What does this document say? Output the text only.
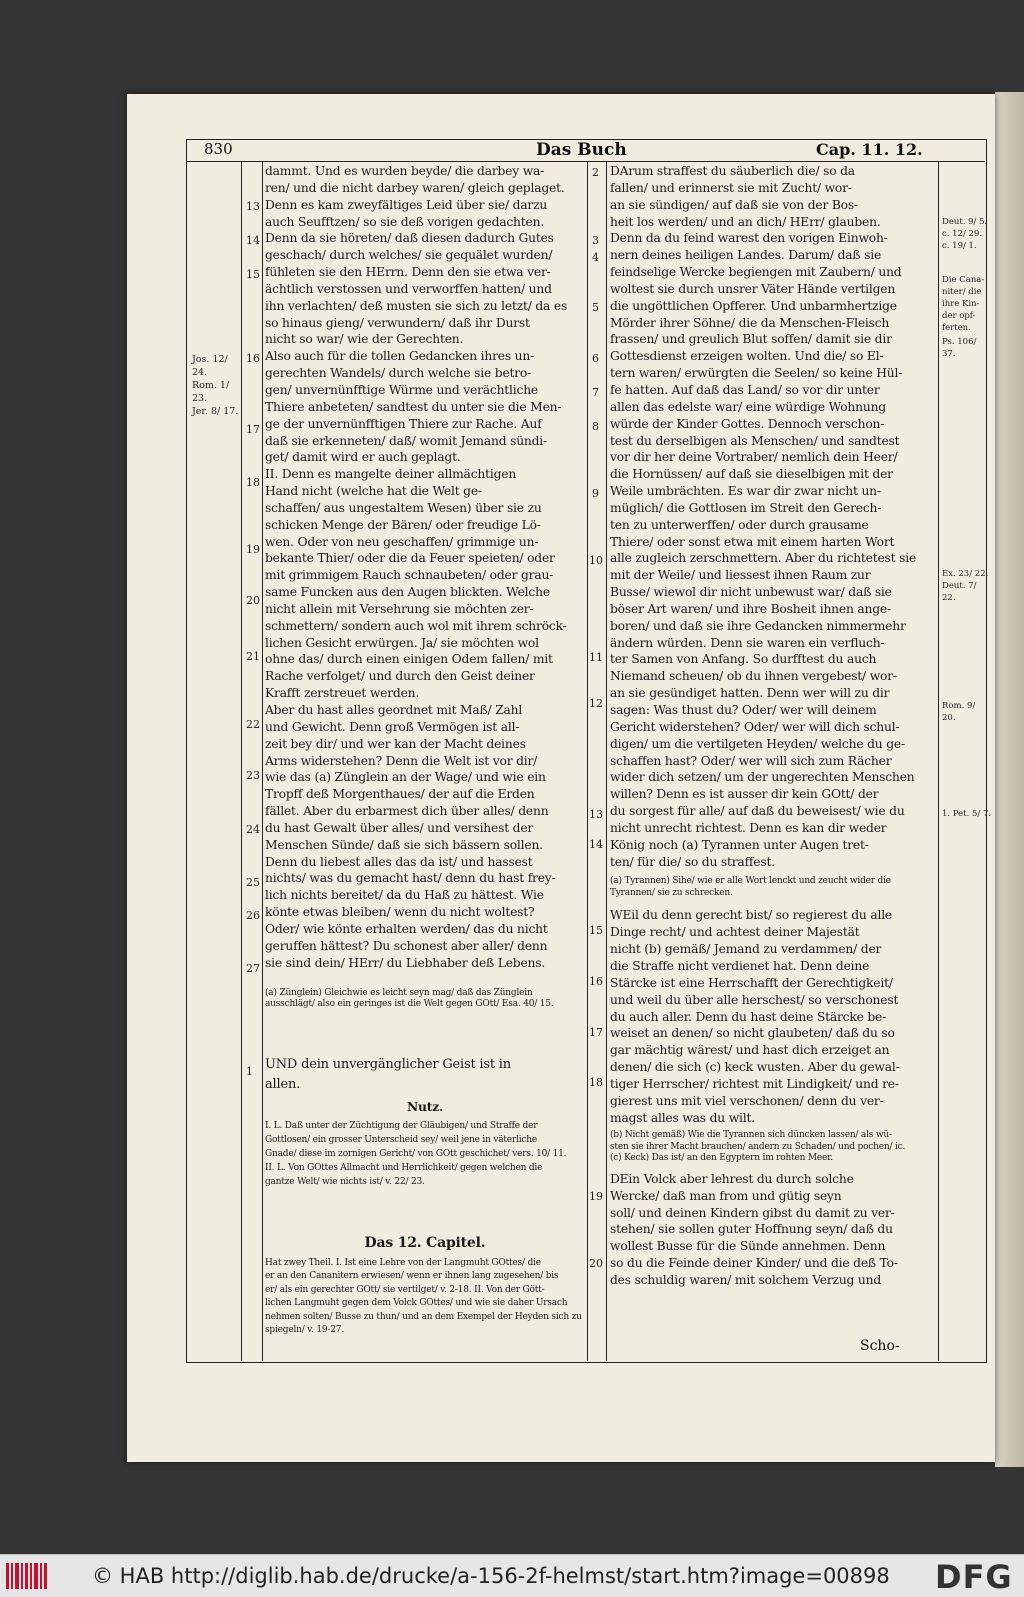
830	Das Buch	Cap. 11. 12.

dammt. Und es wurden beyde/ die darbey wa-

ren/ und die nicht darbey waren/ gleich geplaget.

Denn es kam zweyfältiges Leid über sie/ darzu

auch Seufftzen/ so sie deß vorigen gedachten.

Denn da sie höreten/ daß diesen dadurch Gutes

geschach/ durch welches/ sie gequälet wurden/

fühleten sie den HErrn. Denn den sie etwa ver-

ächtlich verstossen und verworffen hatten/ und

ihn verlachten/ deß musten sie sich zu letzt/ da es

so hinaus gieng/ verwundern/ daß ihr Durst

nicht so war/ wie der Gerechten.

Also auch für die tollen Gedancken ihres un-

gerechten Wandels/ durch welche sie betro-

gen/ unvernünfftige Würme und verächtliche

Thiere anbeteten/ sandtest du unter sie die Men-

ge der unvernünfftigen Thiere zur Rache. Auf

daß sie erkenneten/ daß/ womit Jemand sündi-

get/ damit wird er auch geplagt.

II. Denn es mangelte deiner allmächtigen

Hand nicht (welche hat die Welt ge-

schaffen/ aus ungestaltem Wesen) über sie zu

schicken Menge der Bären/ oder freudige Lö-

wen. Oder von neu geschaffen/ grimmige un-

bekante Thier/ oder die da Feuer speieten/ oder

mit grimmigem Rauch schnaubeten/ oder grau-

same Funcken aus den Augen blickten. Welche

nicht allein mit Versehrung sie möchten zer-

schmettern/ sondern auch wol mit ihrem schröck-

lichen Gesicht erwürgen. Ja/ sie möchten wol

ohne das/ durch einen einigen Odem fallen/ mit

Rache verfolget/ und durch den Geist deiner

Krafft zerstreuet werden.

Aber du hast alles geordnet mit Maß/ Zahl

und Gewicht. Denn groß Vermögen ist all-

zeit bey dir/ und wer kan der Macht deines

Arms widerstehen? Denn die Welt ist vor dir/

wie das (a) Zünglein an der Wage/ und wie ein

Tropff deß Morgenthaues/ der auf die Erden

fället. Aber du erbarmest dich über alles/ denn

du hast Gewalt über alles/ und versihest der

Menschen Sünde/ daß sie sich bässern sollen.

Denn du liebest alles das da ist/ und hassest

nichts/ was du gemacht hast/ denn du hast frey-

lich nichts bereitet/ da du Haß zu hättest. Wie

könte etwas bleiben/ wenn du nicht woltest?

Oder/ wie könte erhalten werden/ das du nicht

geruffen hättest? Du schonest aber aller/ denn

sie sind dein/ HErr/ du Liebhaber deß Lebens.

(a) Zünglein) Gleichwie es leicht seyn mag/ daß das Zünglein

ausschlägt/ also ein geringes ist die Welt gegen GOtt/ Esa. 40/ 15.

UND dein unvergänglicher Geist ist in

allen.

Nutz.

I. L. Daß unter der Züchtigung der Gläubigen/ und Straffe der

Gottlosen/ ein grosser Unterscheid sey/ weil jene in väterliche

Gnade/ diese im zornigen Gericht/ von GOtt geschichet/ vers. 10/ 11.

II. L. Von GOttes Allmacht und Herrlichkeit/ gegen welchen die

gantze Welt/ wie nichts ist/ v. 22/ 23.

Das 12. Capitel.

Hat zwey Theil. I. Ist eine Lehre von der Langmuht GOttes/ die

er an den Cananitern erwiesen/ wenn er ihnen lang zugesehen/ bis

er/ als ein gerechter GOtt/ sie vertilget/ v. 2-18. II. Von der Gött-

lichen Langmuht gegen dem Volck GOttes/ und wie sie daher Ursach

nehmen solten/ Busse zu thun/ und an dem Exempel der Heyden sich zu

spiegeln/ v. 19-27.

13
14
15
16
17
18
19
20
21
22
23
24
25
26
27
1
Jos. 12/
24.
Rom. 1/
23.
Jer. 8/ 17.

DArum straffest du säuberlich die/ so da

fallen/ und erinnerst sie mit Zucht/ wor-

an sie sündigen/ auf daß sie von der Bos-

heit los werden/ und an dich/ HErr/ glauben.

Denn da du feind warest den vorigen Einwoh-

nern deines heiligen Landes. Darum/ daß sie

feindselige Wercke begiengen mit Zaubern/ und

woltest sie durch unsrer Väter Hände vertilgen

die ungöttlichen Opfferer. Und unbarmhertzige

Mörder ihrer Söhne/ die da Menschen-Fleisch

frassen/ und greulich Blut soffen/ damit sie dir

Gottesdienst erzeigen wolten. Und die/ so El-

tern waren/ erwürgten die Seelen/ so keine Hül-

fe hatten. Auf daß das Land/ so vor dir unter

allen das edelste war/ eine würdige Wohnung

würde der Kinder Gottes. Dennoch verschon-

test du derselbigen als Menschen/ und sandtest

vor dir her deine Vortraber/ nemlich dein Heer/

die Hornüssen/ auf daß sie dieselbigen mit der

Weile umbrächten. Es war dir zwar nicht un-

müglich/ die Gottlosen im Streit den Gerech-

ten zu unterwerffen/ oder durch grausame

Thiere/ oder sonst etwa mit einem harten Wort

alle zugleich zerschmettern. Aber du richtetest sie

mit der Weile/ und liessest ihnen Raum zur

Busse/ wiewol dir nicht unbewust war/ daß sie

böser Art waren/ und ihre Bosheit ihnen ange-

boren/ und daß sie ihre Gedancken nimmermehr

ändern würden. Denn sie waren ein verfluch-

ter Samen von Anfang. So durfftest du auch

Niemand scheuen/ ob du ihnen vergebest/ wor-

an sie gesündiget hatten. Denn wer will zu dir

sagen: Was thust du? Oder/ wer will deinem

Gericht widerstehen? Oder/ wer will dich schul-

digen/ um die vertilgeten Heyden/ welche du ge-

schaffen hast? Oder/ wer will sich zum Rächer

wider dich setzen/ um der ungerechten Menschen

willen? Denn es ist ausser dir kein GOtt/ der

du sorgest für alle/ auf daß du beweisest/ wie du

nicht unrecht richtest. Denn es kan dir weder

König noch (a) Tyrannen unter Augen tret-

ten/ für die/ so du straffest.

(a) Tyrannen) Sihe/ wie er alle Wort lenckt und zeucht wider die

Tyrannen/ sie zu schrecken.

WEil du denn gerecht bist/ so regierest du alle

Dinge recht/ und achtest deiner Majestät

nicht (b) gemäß/ Jemand zu verdammen/ der

die Straffe nicht verdienet hat. Denn deine

Stärcke ist eine Herrschafft der Gerechtigkeit/

und weil du über alle herschest/ so verschonest

du auch aller. Denn du hast deine Stärcke be-

weiset an denen/ so nicht glaubeten/ daß du so

gar mächtig wärest/ und hast dich erzeiget an

denen/ die sich (c) keck wusten. Aber du gewal-

tiger Herrscher/ richtest mit Lindigkeit/ und re-

gierest uns mit viel verschonen/ denn du ver-

magst alles was du wilt.

(b) Nicht gemäß) Wie die Tyrannen sich düncken lassen/ als wü-

sten sie ihrer Macht brauchen/ andern zu Schaden/ und pochen/ ic.

(c) Keck) Das ist/ an den Egyptern im rohten Meer.

DEin Volck aber lehrest du durch solche

Wercke/ daß man from und gütig seyn

soll/ und deinen Kindern gibst du damit zu ver-

stehen/ sie sollen guter Hoffnung seyn/ daß du

wollest Busse für die Sünde annehmen. Denn

so du die Feinde deiner Kinder/ und die deß To-

des schuldig waren/ mit solchem Verzug und

2
3
4
5
6
7
8
9
10
11
12
13
14
15
16
17
18
19
20
Deut. 9/ 5.
c. 12/ 29.
c. 19/ 1.
Die Cana-
niter/ die
ihre Kin-
der opf-
ferten.
Ps. 106/
37.
Ex. 23/ 22.
Deut. 7/
22.
Rom. 9/
20.
1. Pet. 5/ 7.
Scho-
© HAB http://diglib.hab.de/drucke/a-156-2f-helmst/start.htm?image=00898 DFG
